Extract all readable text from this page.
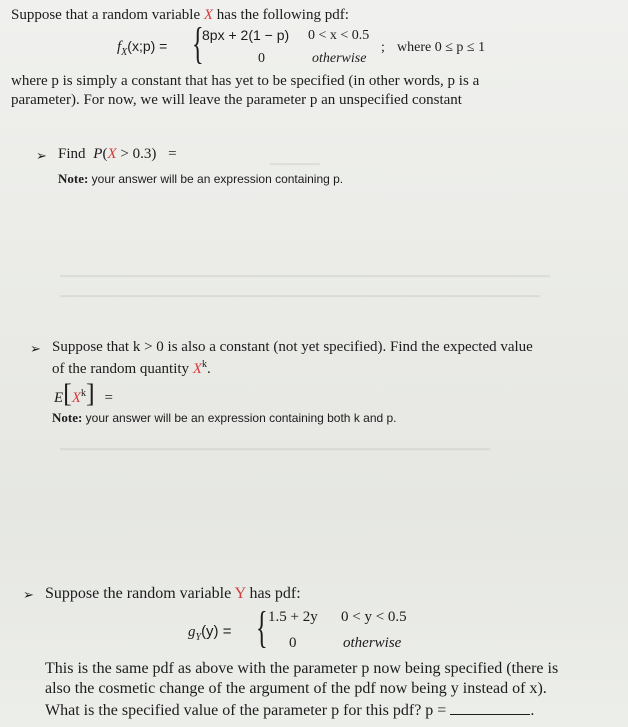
▁▁▁▁▁
▁▁▁▁▁▁▁▁▁▁▁▁▁▁▁▁▁▁▁▁▁▁▁▁▁▁▁▁▁▁▁▁▁▁▁▁▁▁▁▁▁▁▁▁▁▁▁▁▁
▁▁▁▁▁▁▁▁▁▁▁▁▁▁▁▁▁▁▁▁▁▁▁▁▁▁▁▁▁▁▁▁▁▁▁▁▁▁▁▁▁▁▁▁▁▁▁▁
▁▁▁▁▁▁▁▁▁▁▁▁▁▁▁▁▁▁▁▁▁▁▁▁▁▁▁▁▁▁▁▁▁▁▁▁▁▁▁▁▁▁▁
Suppose that a random variable X has the following pdf:
$f_X(x;p)$ = {
8px + 2(1 − p) 0 < x < 0.5
0	otherwise
; where 0 ≤ p ≤ 1
where p is simply a constant that has yet to be specified (in other words, p is a
parameter). For now, we will leave the parameter p an unspecified constant
➢ Find P(X > 0.3) =
Note: your answer will be an expression containing p.
➢ Suppose that k > 0 is also a constant (not yet specified). Find the expected value
of the random quantity $X^k$.
$E[X^k]$ =
Note: your answer will be an expression containing both k and p.
➢ Suppose the random variable Y has pdf:
$g_Y(y)$ = { 1.5 + 2y 0 < y < 0.5
0	otherwise
This is the same pdf as above with the parameter p now being specified (there is
also the cosmetic change of the argument of the pdf now being y instead of x).
What is the specified value of the parameter p for this pdf? p =	.
